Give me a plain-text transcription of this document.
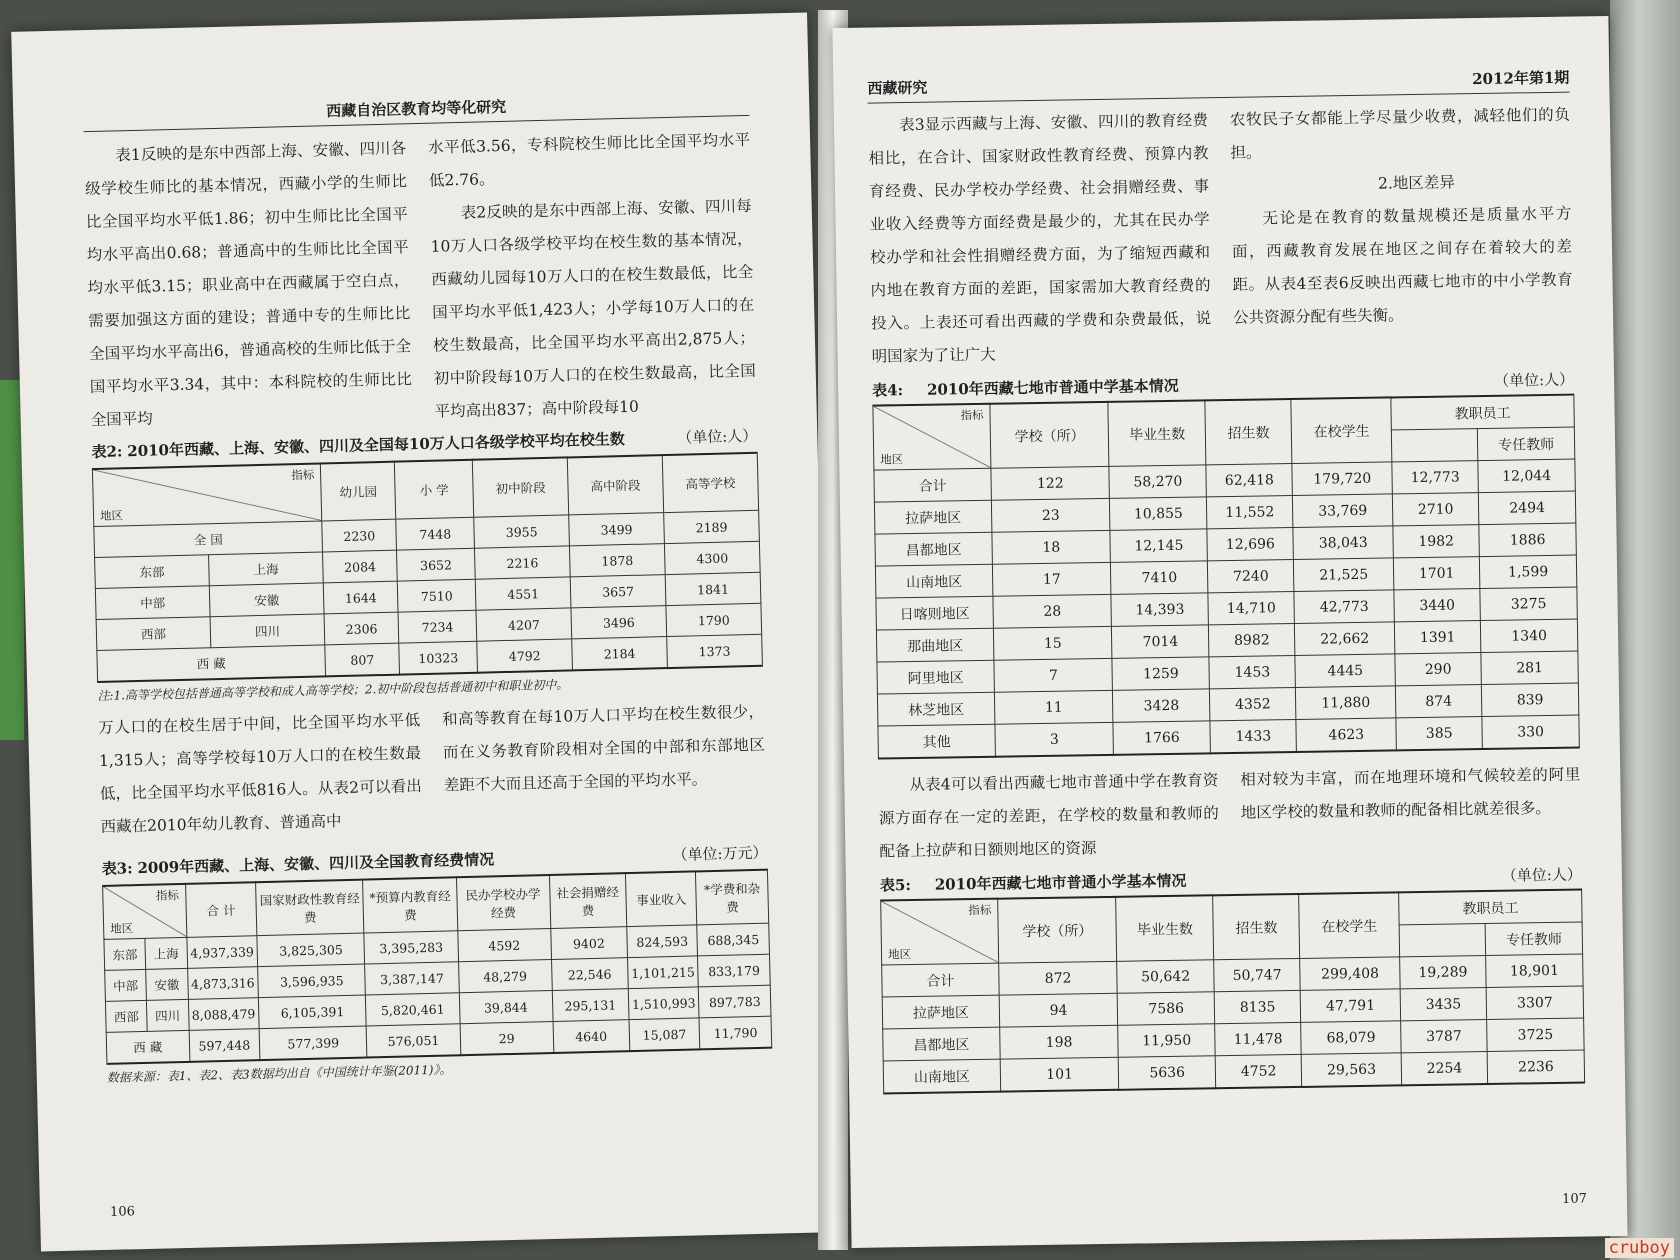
西藏自治区教育均等化研究

表1反映的是东中西部上海、安徽、四川各级学校生师比的基本情况，西藏小学的生师比比全国平均水平低1.86；初中生师比比全国平均水平高出0.68；普通高中的生师比比全国平均水平低3.15；职业高中在西藏属于空白点，需要加强这方面的建设；普通中专的生师比比全国平均水平高出6，普通高校的生师比低于全国平均水平3.34，其中：本科院校的生师比比全国平均

水平低3.56，专科院校生师比比全国平均水平低2.76。

表2反映的是东中西部上海、安徽、四川每10万人口各级学校平均在校生数的基本情况，西藏幼儿园每10万人口的在校生数最低，比全国平均水平低1,423人；小学每10万人口的在校生数最高，比全国平均水平高出2,875人；初中阶段每10万人口的在校生数最高，比全国平均高出837；高中阶段每10

表2: 2010年西藏、上海、安徽、四川及全国每10万人口各级学校平均在校生数	（单位:人）
指标
地区		幼儿园	小 学	初中阶段	高中阶段	高等学校
全 国		2230	7448	3955	3499	2189
东部	上海	2084	3652	2216	1878	4300
中部	安徽	1644	7510	4551	3657	1841
西部	四川	2306	7234	4207	3496	1790
西 藏		807	10323	4792	2184	1373
注:1.高等学校包括普通高等学校和成人高等学校；2.初中阶段包括普通初中和职业初中。

万人口的在校生居于中间，比全国平均水平低1,315人；高等学校每10万人口的在校生数最低，比全国平均水平低816人。从表2可以看出西藏在2010年幼儿教育、普通高中

和高等教育在每10万人口平均在校生数很少，而在义务教育阶段相对全国的中部和东部地区差距不大而且还高于全国的平均水平。

表3: 2009年西藏、上海、安徽、四川及全国教育经费情况	（单位:万元）
指标
地区		合 计	国家财政性教育经费	*预算内教育经费	民办学校办学经费	社会捐赠经费	事业收入	*学费和杂费
东部	上海	4,937,339	3,825,305	3,395,283	4592	9402	824,593	688,345
中部	安徽	4,873,316	3,596,935	3,387,147	48,279	22,546	1,101,215	833,179
西部	四川	8,088,479	6,105,391	5,820,461	39,844	295,131	1,510,993	897,783
西 藏		597,448	577,399	576,051	29	4640	15,087	11,790
数据来源：表1、表2、表3数据均出自《中国统计年鉴(2011)》。
106
西藏研究
2012年第1期

表3显示西藏与上海、安徽、四川的教育经费相比，在合计、国家财政性教育经费、预算内教育经费、民办学校办学经费、社会捐赠经费、事业收入经费等方面经费是最少的，尤其在民办学校办学和社会性捐赠经费方面，为了缩短西藏和内地在教育方面的差距，国家需加大教育经费的投入。上表还可看出西藏的学费和杂费最低，说明国家为了让广大

农牧民子女都能上学尽量少收费，减轻他们的负担。

2.地区差异

无论是在教育的数量规模还是质量水平方面，西藏教育发展在地区之间存在着较大的差距。从表4至表6反映出西藏七地市的中小学教育公共资源分配有些失衡。

表4: 2010年西藏七地市普通中学基本情况	（单位:人）
指标
地区	学校（所）	毕业生数	招生数	在校学生	教职员工	
						专任教师
合计	122	58,270	62,418	179,720	12,773	12,044
拉萨地区	23	10,855	11,552	33,769	2710	2494
昌都地区	18	12,145	12,696	38,043	1982	1886
山南地区	17	7410	7240	21,525	1701	1,599
日喀则地区	28	14,393	14,710	42,773	3440	3275
那曲地区	15	7014	8982	22,662	1391	1340
阿里地区	7	1259	1453	4445	290	281
林芝地区	11	3428	4352	11,880	874	839
其他	3	1766	1433	4623	385	330

从表4可以看出西藏七地市普通中学在教育资源方面存在一定的差距，在学校的数量和教师的配备上拉萨和日额则地区的资源

相对较为丰富，而在地理环境和气候较差的阿里地区学校的数量和教师的配备相比就差很多。

表5: 2010年西藏七地市普通小学基本情况	（单位:人）
指标
地区	学校（所）	毕业生数	招生数	在校学生	教职员工	
						专任教师
合计	872	50,642	50,747	299,408	19,289	18,901
拉萨地区	94	7586	8135	47,791	3435	3307
昌都地区	198	11,950	11,478	68,079	3787	3725
山南地区	101	5636	4752	29,563	2254	2236
107
cruboy
